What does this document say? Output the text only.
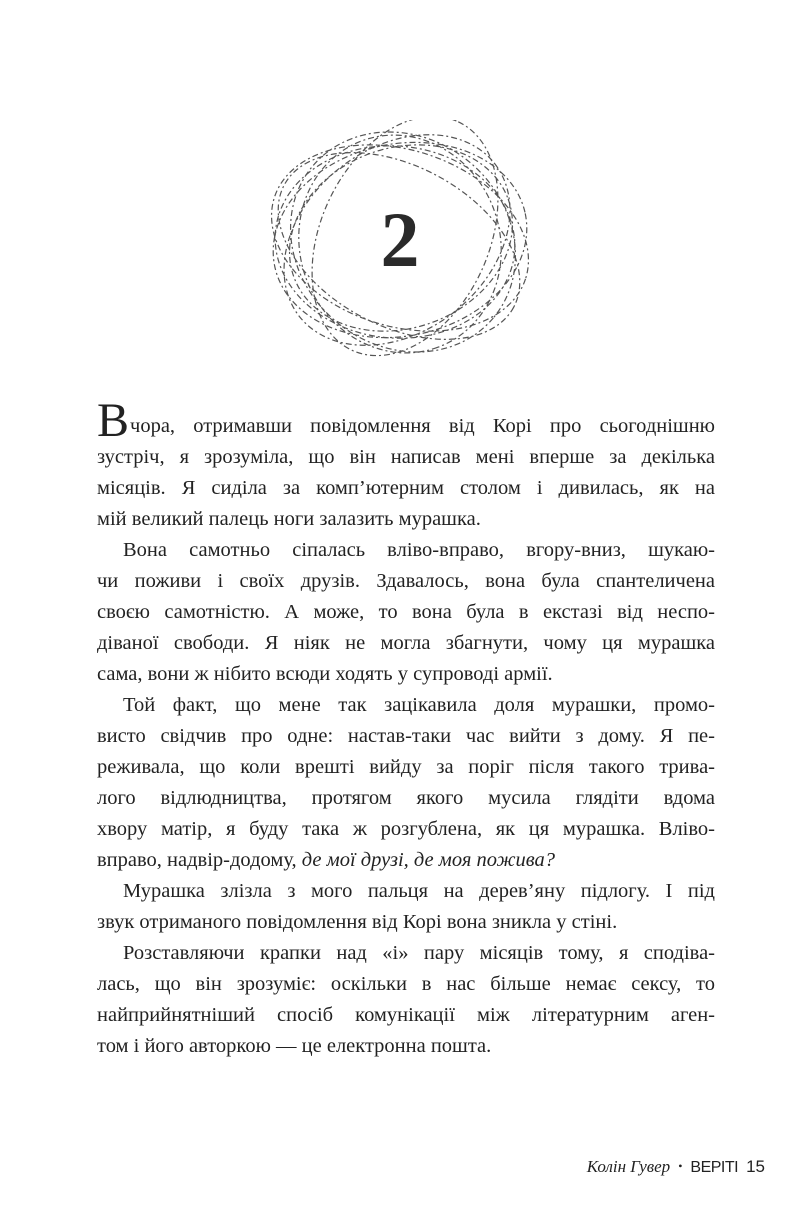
2
Вчора, отримавши повідомлення від Корі про сьогоднішню
зустріч, я зрозуміла, що він написав мені вперше за декілька
місяців. Я сиділа за комп’ютерним столом і дивилась, як на
мій великий палець ноги залазить мурашка.
Вона самотньо сіпалась вліво-вправо, вгору-вниз, шукаю-
чи поживи і своїх друзів. Здавалось, вона була спантеличена
своєю самотністю. А може, то вона була в екстазі від неспо-
діваної свободи. Я ніяк не могла збагнути, чому ця мурашка
сама, вони ж нібито всюди ходять у супроводі армії.
Той факт, що мене так зацікавила доля мурашки, промо-
висто свідчив про одне: настав-таки час вийти з дому. Я пе-
реживала, що коли врешті вийду за поріг після такого трива-
лого відлюдництва, протягом якого мусила глядіти вдома
хвору матір, я буду така ж розгублена, як ця мурашка. Вліво-
вправо, надвір-додому, де мої друзі, де моя пожива?
Мурашка злізла з мого пальця на дерев’яну підлогу. І під
звук отриманого повідомлення від Корі вона зникла у стіні.
Розставляючи крапки над «і» пару місяців тому, я сподіва-
лась, що він зрозуміє: оскільки в нас більше немає сексу, то
найприйнятніший спосіб комунікації між літературним аген-
том і його авторкою — це електронна пошта.
Колін Гувер • ВЕРІТІ 15
